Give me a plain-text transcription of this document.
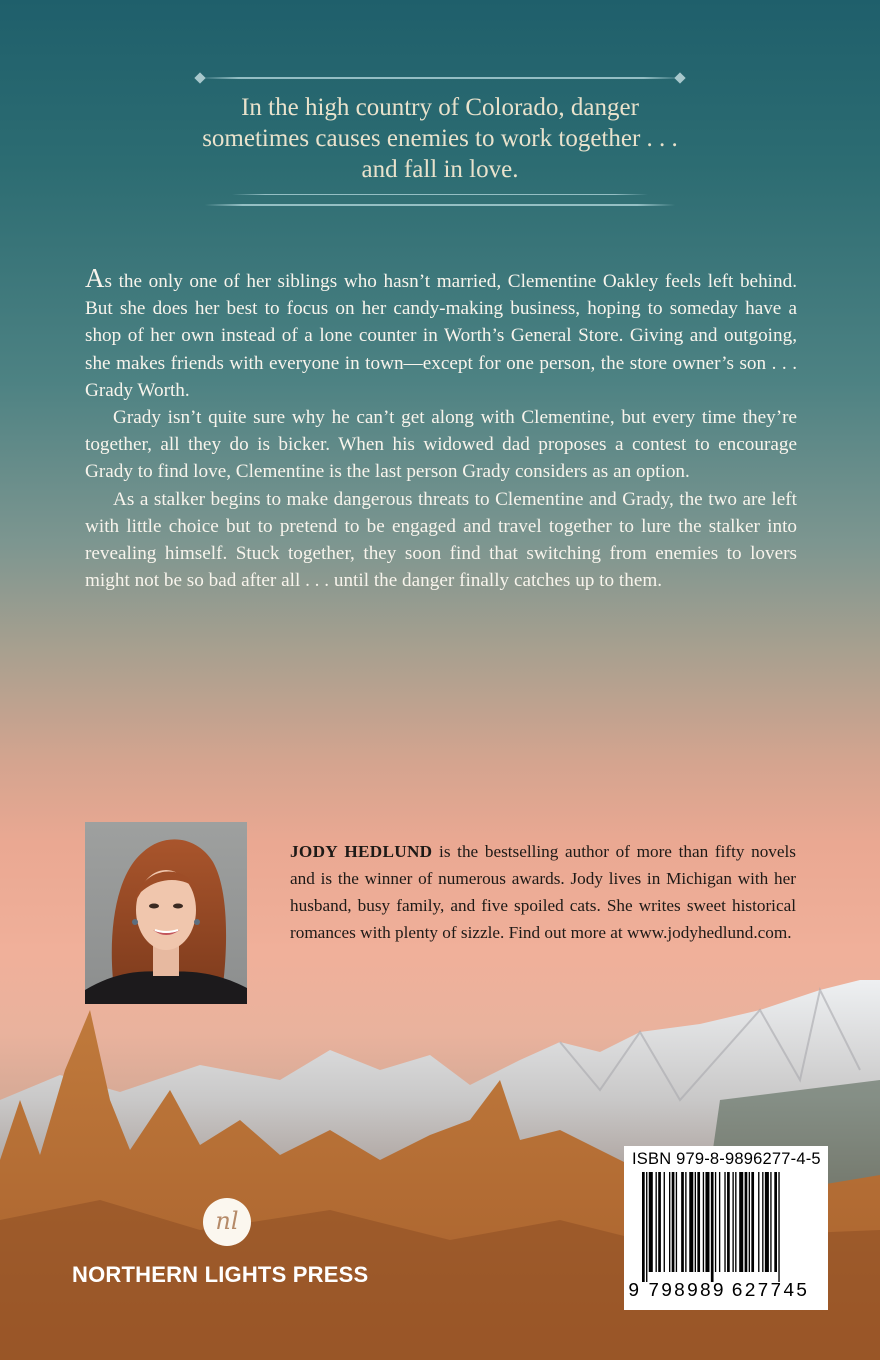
In the high country of Colorado, danger
sometimes causes enemies to work together . . .
and fall in love.

As the only one of her siblings who hasn’t married, Clementine Oakley feels left behind. But she does her best to focus on her candy-making business, hoping to someday have a shop of her own instead of a lone counter in Worth’s General Store. Giving and outgoing, she makes friends with everyone in town—except for one person, the store owner’s son . . . Grady Worth.

Grady isn’t quite sure why he can’t get along with Clementine, but every time they’re together, all they do is bicker. When his widowed dad proposes a contest to encourage Grady to find love, Clementine is the last person Grady considers as an option.

As a stalker begins to make dangerous threats to Clementine and Grady, the two are left with little choice but to pretend to be engaged and travel together to lure the stalker into revealing himself. Stuck together, they soon find that switching from enemies to lovers might not be so bad after all . . . until the danger finally catches up to them.

JODY HEDLUND is the bestselling author of more than fifty novels and is the winner of numerous awards. Jody lives in Michigan with her husband, busy family, and five spoiled cats. She writes sweet historical romances with plenty of sizzle. Find out more at www.jodyhedlund.com.
nl
NORTHERN LIGHTS PRESS
ISBN 979-8-9896277-4-5
9 798989 627745
